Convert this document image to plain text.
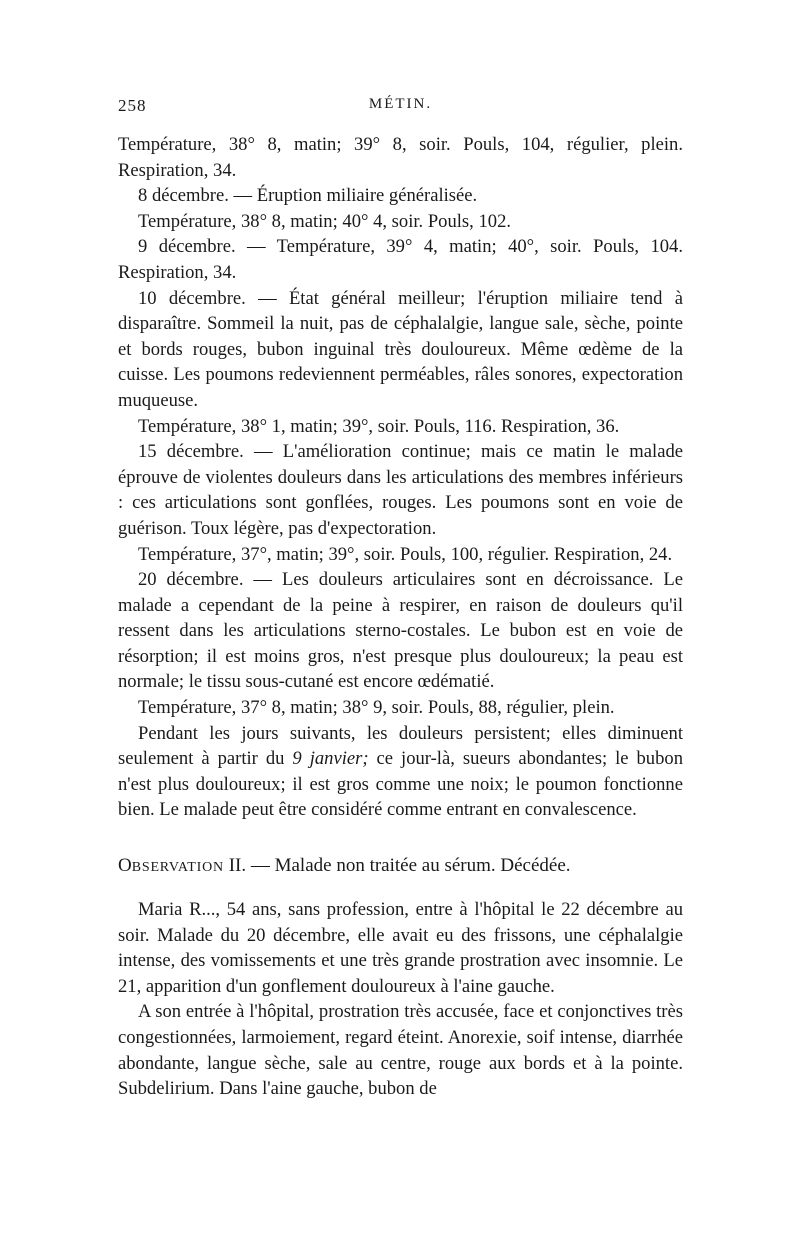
258	MÉTIN.

Température, 38° 8, matin; 39° 8, soir. Pouls, 104, régulier, plein. Respiration, 34.

8 décembre. — Éruption miliaire généralisée.

Température, 38° 8, matin; 40° 4, soir. Pouls, 102.

9 décembre. — Température, 39° 4, matin; 40°, soir. Pouls, 104. Respiration, 34.

10 décembre. — État général meilleur; l'éruption miliaire tend à disparaître. Sommeil la nuit, pas de céphalalgie, langue sale, sèche, pointe et bords rouges, bubon inguinal très douloureux. Même œdème de la cuisse. Les poumons redeviennent perméables, râles sonores, expectoration muqueuse.

Température, 38° 1, matin; 39°, soir. Pouls, 116. Respiration, 36.

15 décembre. — L'amélioration continue; mais ce matin le malade éprouve de violentes douleurs dans les articulations des membres inférieurs : ces articulations sont gonflées, rouges. Les poumons sont en voie de guérison. Toux légère, pas d'expectoration.

Température, 37°, matin; 39°, soir. Pouls, 100, régulier. Respiration, 24.

20 décembre. — Les douleurs articulaires sont en décroissance. Le malade a cependant de la peine à respirer, en raison de douleurs qu'il ressent dans les articulations sterno-costales. Le bubon est en voie de résorption; il est moins gros, n'est presque plus douloureux; la peau est normale; le tissu sous-cutané est encore œdématié.

Température, 37° 8, matin; 38° 9, soir. Pouls, 88, régulier, plein.

Pendant les jours suivants, les douleurs persistent; elles diminuent seulement à partir du 9 janvier; ce jour-là, sueurs abondantes; le bubon n'est plus douloureux; il est gros comme une noix; le poumon fonctionne bien. Le malade peut être considéré comme entrant en convalescence.

OBSERVATION II. — Malade non traitée au sérum. Décédée.

Maria R..., 54 ans, sans profession, entre à l'hôpital le 22 décembre au soir. Malade du 20 décembre, elle avait eu des frissons, une céphalalgie intense, des vomissements et une très grande prostration avec insomnie. Le 21, apparition d'un gonflement douloureux à l'aine gauche.

A son entrée à l'hôpital, prostration très accusée, face et conjonctives très congestionnées, larmoiement, regard éteint. Anorexie, soif intense, diarrhée abondante, langue sèche, sale au centre, rouge aux bords et à la pointe. Subdelirium. Dans l'aine gauche, bubon de
